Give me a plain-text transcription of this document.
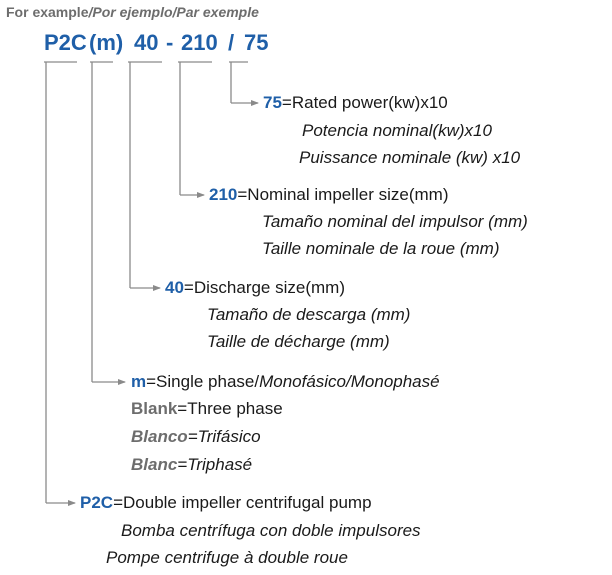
For example/Por ejemplo/Par exemple
P2C (m) 40 - 210 / 75
75=Rated power(kw)x10
Potencia nominal(kw)x10
Puissance nominale (kw) x10
210=Nominal impeller size(mm)
Tamaño nominal del impulsor (mm)
Taille nominale de la roue (mm)
40=Discharge size(mm)
Tamaño de descarga (mm)
Taille de décharge (mm)
m=Single phase/Monofásico/Monophasé
Blank=Three phase
Blanco=Trifásico
Blanc=Triphasé
P2C=Double impeller centrifugal pump
Bomba centrífuga con doble impulsores
Pompe centrifuge à double roue
